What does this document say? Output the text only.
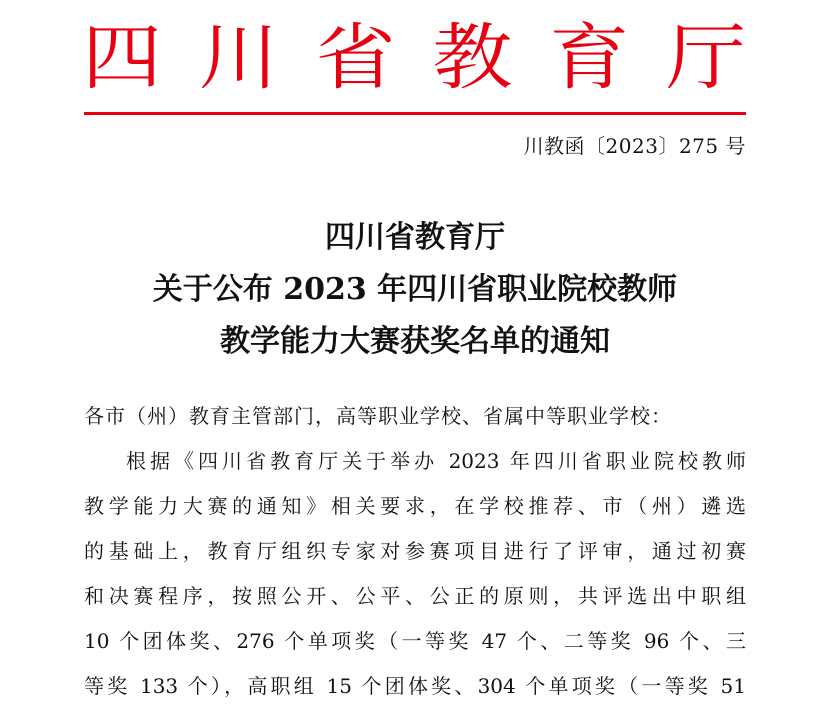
四 川 省 教 育 厅
川教函〔2023〕275 号
四川省教育厅
关于公布 2023 年四川省职业院校教师
教学能力大赛获奖名单的通知
各市（州）教育主管部门，高等职业学校、省属中等职业学校：
根据《四川省教育厅关于举办 2023 年四川省职业院校教师
教学能力大赛的通知》相关要求，在学校推荐、市（州）遴选
的基础上，教育厅组织专家对参赛项目进行了评审，通过初赛
和决赛程序，按照公开、公平、公正的原则，共评选出中职组
10 个团体奖、276 个单项奖（一等奖 47 个、二等奖 96 个、三
等奖 133 个），高职组 15 个团体奖、304 个单项奖（一等奖 51
